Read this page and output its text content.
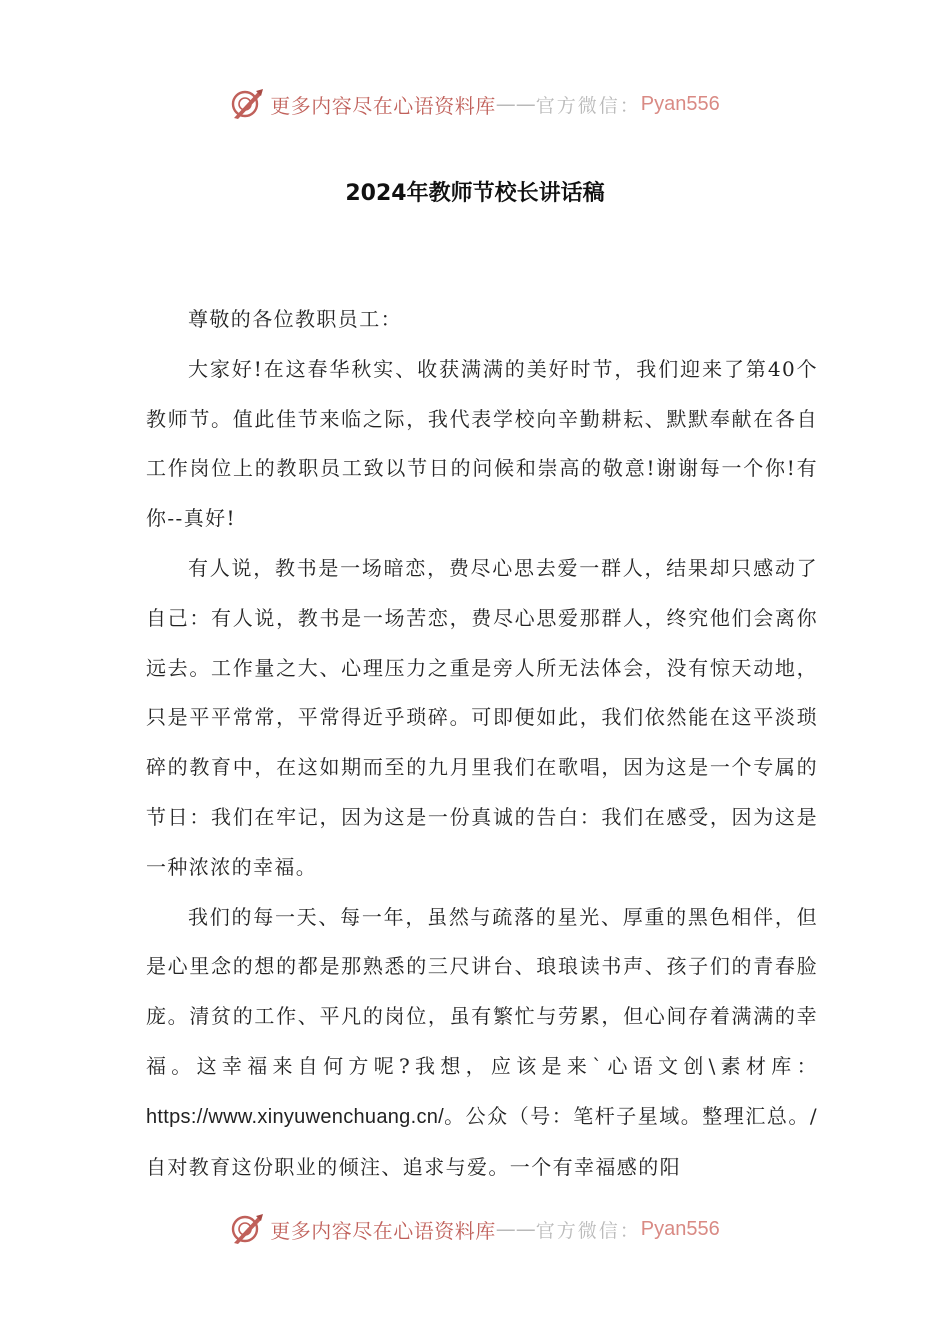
更多内容尽在心语资料库 —— 官方微信： Pyan556
2024年教师节校长讲话稿

尊敬的各位教职员工：

大家好!在这春华秋实、收获满满的美好时节，我们迎来了第40个教师节。值此佳节来临之际，我代表学校向辛勤耕耘、默默奉献在各自工作岗位上的教职员工致以节日的问候和崇高的敬意!谢谢每一个你!有你--真好!

有人说，教书是一场暗恋，费尽心思去爱一群人，结果却只感动了自己：有人说，教书是一场苦恋，费尽心思爱那群人，终究他们会离你远去。工作量之大、心理压力之重是旁人所无法体会，没有惊天动地，只是平平常常，平常得近乎琐碎。可即便如此，我们依然能在这平淡琐碎的教育中，在这如期而至的九月里我们在歌唱，因为这是一个专属的节日：我们在牢记，因为这是一份真诚的告白：我们在感受，因为这是一种浓浓的幸福。

我们的每一天、每一年，虽然与疏落的星光、厚重的黑色相伴，但是心里念的想的都是那熟悉的三尺讲台、琅琅读书声、孩子们的青春脸庞。清贫的工作、平凡的岗位，虽有繁忙与劳累，但心间存着满满的幸福。这幸福来自何方呢?我想，应该是来`心语文创\素材库：https://www.xinyuwenchuang.cn/。公众（号：笔杆子星域。整理汇总。/自对教育这份职业的倾注、追求与爱。一个有幸福感的阳

更多内容尽在心语资料库 —— 官方微信： Pyan556
